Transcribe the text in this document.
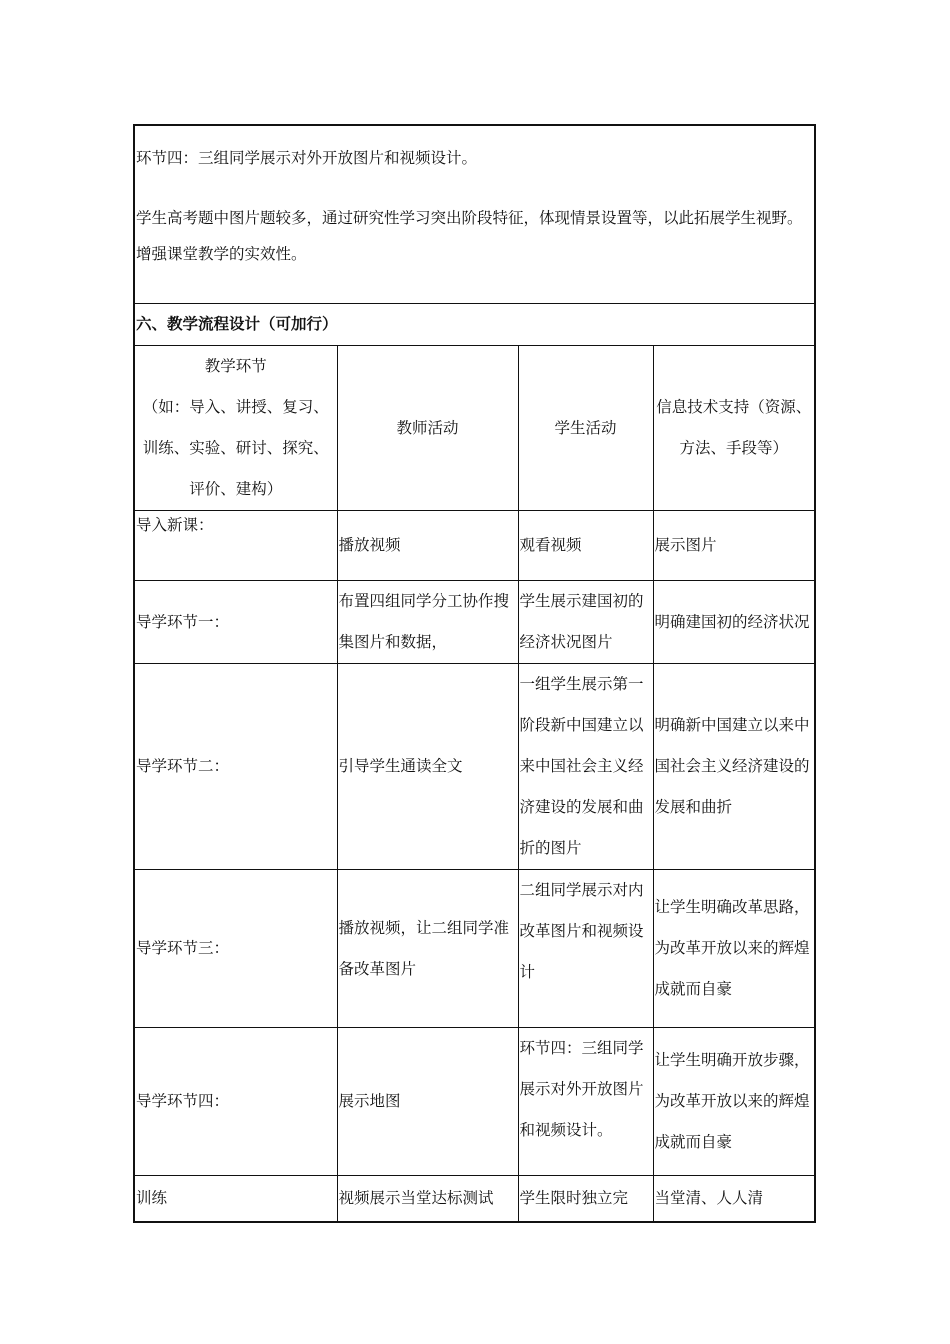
环节四：三组同学展示对外开放图片和视频设计。

学生高考题中图片题较多，通过研究性学习突出阶段特征，体现情景设置等，以此拓展学生视野。增强课堂教学的实效性。			

六、教学流程设计（可加行）			

教学环节
（如：导入、讲授、复习、训练、实验、研讨、探究、评价、建构）	教师活动	学生活动	信息技术支持（资源、方法、手段等）
导入新课：	播放视频	观看视频	展示图片
导学环节一：	布置四组同学分工协作搜集图片和数据，	学生展示建国初的经济状况图片	明确建国初的经济状况
导学环节二：	引导学生通读全文	一组学生展示第一阶段新中国建立以来中国社会主义经济建设的发展和曲折的图片	明确新中国建立以来中国社会主义经济建设的发展和曲折
导学环节三：	播放视频，让二组同学准备改革图片	二组同学展示对内改革图片和视频设计	让学生明确改革思路，为改革开放以来的辉煌成就而自豪
导学环节四：	展示地图	环节四：三组同学展示对外开放图片和视频设计。	让学生明确开放步骤，为改革开放以来的辉煌成就而自豪
训练	视频展示当堂达标测试	学生限时独立完	当堂清、人人清
